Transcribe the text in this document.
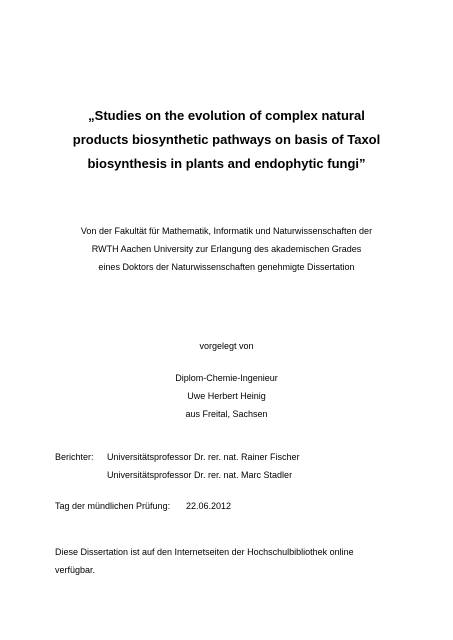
„Studies on the evolution of complex natural
products biosynthetic pathways on basis of Taxol
biosynthesis in plants and endophytic fungi”
Von der Fakultät für Mathematik, Informatik und Naturwissenschaften der
RWTH Aachen University zur Erlangung des akademischen Grades
eines Doktors der Naturwissenschaften genehmigte Dissertation
vorgelegt von
Diplom-Chemie-Ingenieur
Uwe Herbert Heinig
aus Freital, Sachsen
Berichter: Universitätsprofessor Dr. rer. nat. Rainer Fischer
Universitätsprofessor Dr. rer. nat. Marc Stadler
Tag der mündlichen Prüfung: 22.06.2012
Diese Dissertation ist auf den Internetseiten der Hochschulbibliothek online
verfügbar.
